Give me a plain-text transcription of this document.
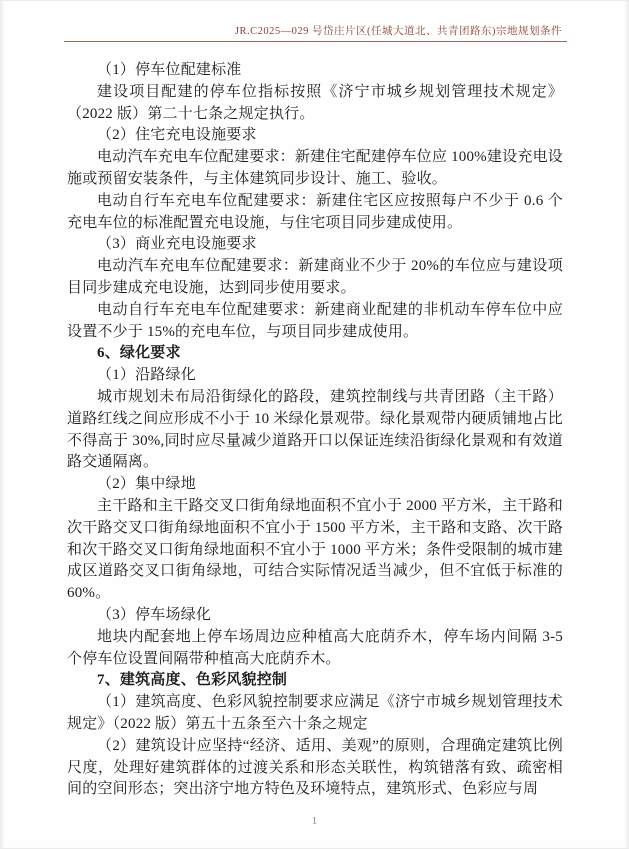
JR.C2025—029 号岱庄片区(任城大道北、共青团路东)宗地规划条件

（1）停车位配建标准

建设项目配建的停车位指标按照《济宁市城乡规划管理技术规定》（2022 版）第二十七条之规定执行。

（2）住宅充电设施要求

电动汽车充电车位配建要求：新建住宅配建停车位应 100%建设充电设施或预留安装条件，与主体建筑同步设计、施工、验收。

电动自行车充电车位配建要求：新建住宅区应按照每户不少于 0.6 个充电车位的标准配置充电设施，与住宅项目同步建成使用。

（3）商业充电设施要求

电动汽车充电车位配建要求：新建商业不少于 20%的车位应与建设项目同步建成充电设施，达到同步使用要求。

电动自行车充电车位配建要求：新建商业配建的非机动车停车位中应设置不少于 15%的充电车位，与项目同步建成使用。

6、绿化要求

（1）沿路绿化

城市规划未布局沿街绿化的路段，建筑控制线与共青团路（主干路）道路红线之间应形成不小于 10 米绿化景观带。绿化景观带内硬质铺地占比不得高于 30%,同时应尽量减少道路开口以保证连续沿街绿化景观和有效道路交通隔离。

（2）集中绿地

主干路和主干路交叉口街角绿地面积不宜小于 2000 平方米，主干路和次干路交叉口街角绿地面积不宜小于 1500 平方米，主干路和支路、次干路和次干路交叉口街角绿地面积不宜小于 1000 平方米；条件受限制的城市建成区道路交叉口街角绿地，可结合实际情况适当减少，但不宜低于标准的 60%。

（3）停车场绿化

地块内配套地上停车场周边应种植高大庇荫乔木，停车场内间隔 3-5 个停车位设置间隔带种植高大庇荫乔木。

7、建筑高度、色彩风貌控制

（1）建筑高度、色彩风貌控制要求应满足《济宁市城乡规划管理技术规定》（2022 版）第五十五条至六十条之规定

（2）建筑设计应坚持“经济、适用、美观”的原则，合理确定建筑比例尺度，处理好建筑群体的过渡关系和形态关联性，构筑错落有致、疏密相间的空间形态；突出济宁地方特色及环境特点，建筑形式、色彩应与周

1
